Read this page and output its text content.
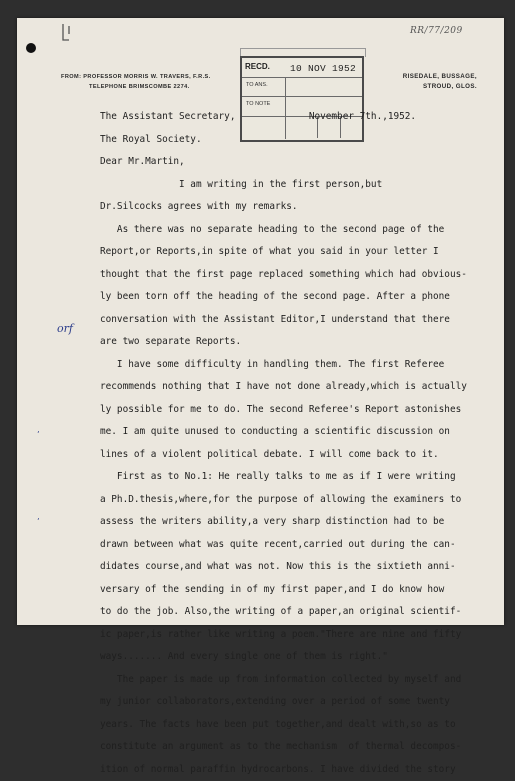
RR/77/209
FROM: PROFESSOR MORRIS W. TRAVERS, F.R.S.
TELEPHONE BRIMSCOMBE 2274.
RISEDALE, BUSSAGE,
STROUD, GLOS.
RECD. 10 NOV 1952
TO ANS.
TO NOTE
orf
ʼ
ʼ
The Assistant Secretary,             November 7th.,1952.
The Royal Society.
Dear Mr.Martin,
I am writing in the first person,but
Dr.Silcocks agrees with my remarks.
As there was no separate heading to the second page of the
Report,or Reports,in spite of what you said in your letter I
thought that the first page replaced something which had obvious-
ly been torn off the heading of the second page. After a phone
conversation with the Assistant Editor,I understand that there
are two separate Reports.
I have some difficulty in handling them. The first Referee
recommends nothing that I have not done already,which is actually
ly possible for me to do. The second Referee's Report astonishes
me. I am quite unused to conducting a scientific discussion on
lines of a violent political debate. I will come back to it.
First as to No.1: He really talks to me as if I were writing
a Ph.D.thesis,where,for the purpose of allowing the examiners to
assess the writers ability,a very sharp distinction had to be
drawn between what was quite recent,carried out during the can-
didates course,and what was not. Now this is the sixtieth anni-
versary of the sending in of my first paper,and I do know how
to do the job. Also,the writing of a paper,an original scientif-
ic paper,is rather like writing a poem."There are nine and fifty
ways....... And every single one of them is right."
The paper is made up from information collected by myself and
my junior collaborators,extending over a period of some twenty
years. The facts have been put together,and dealt with,so as to
constitute an argument as to the mechanism  of thermal decompos-
ition of normal paraffin hydrocarbons. I have divided the story
